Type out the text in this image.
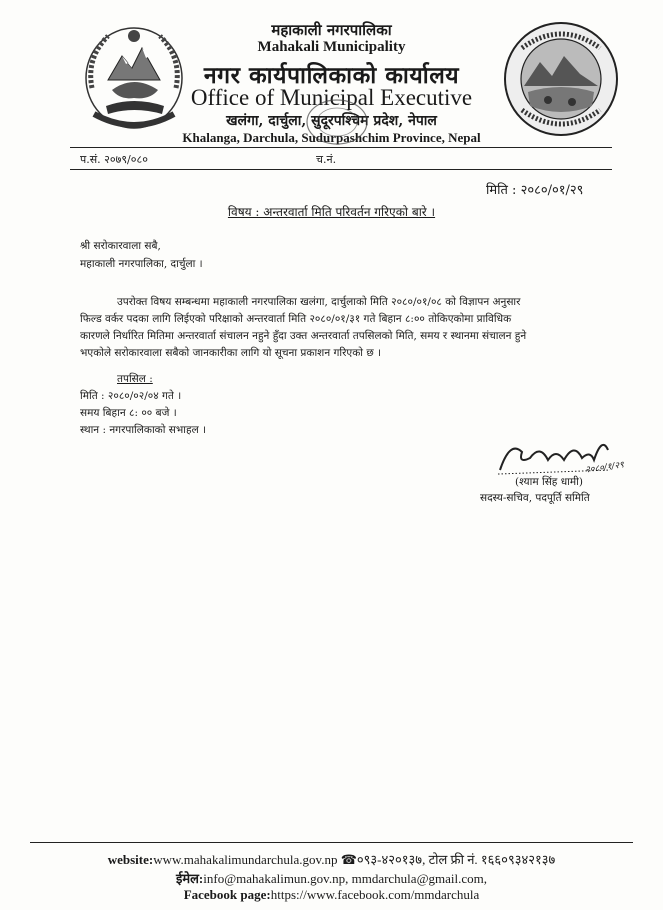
महाकाली नगरपालिका
Mahakali Municipality
नगर कार्यपालिकाको कार्यालय
Office of Municipal Executive
खलंगा, दार्चुला, सुदूरपश्चिम प्रदेश, नेपाल
Khalanga, Darchula, Sudurpashchim Province, Nepal
प.सं. २०७९/०८०	च.नं.
मिति : २०८०/०१/२९
विषय : अन्तरवार्ता मिति परिवर्तन गरिएको बारे ।
श्री सरोकारवाला सबै,
महाकाली नगरपालिका, दार्चुला ।
उपरोक्त विषय सम्बन्धमा महाकाली नगरपालिका खलंगा, दार्चुलाको मिति २०८०/०१/०८ को विज्ञापन अनुसार
फिल्ड वर्कर पदका लागि लिईएको परिक्षाको अन्तरवार्ता मिति २०८०/०१/३१ गते बिहान ८:०० तोकिएकोमा प्राविधिक
कारणले निर्धारित मितिमा अन्तरवार्ता संचालन नहुने हुँदा उक्त अन्तरवार्ता तपसिलको मिति, समय र स्थानमा संचालन हुने
भएकोले सरोकारवाला सबैको जानकारीका लागि यो सूचना प्रकाशन गरिएको छ ।
तपसिल :
मिति : २०८०/०२/०४ गते ।
समय बिहान ८: ०० बजे ।
स्थान : नगरपालिकाको सभाहल ।
२०८०/१/२९
(श्याम सिंह धामी)
सदस्य-सचिव, पदपूर्ति समिति
website:www.mahakalimundarchula.gov.np ☎०९३-४२०१३७, टोल फ्री नं. १६६०९३४२१३७
ईमेल:info@mahakalimun.gov.np, mmdarchula@gmail.com,
Facebook page:https://www.facebook.com/mmdarchula
